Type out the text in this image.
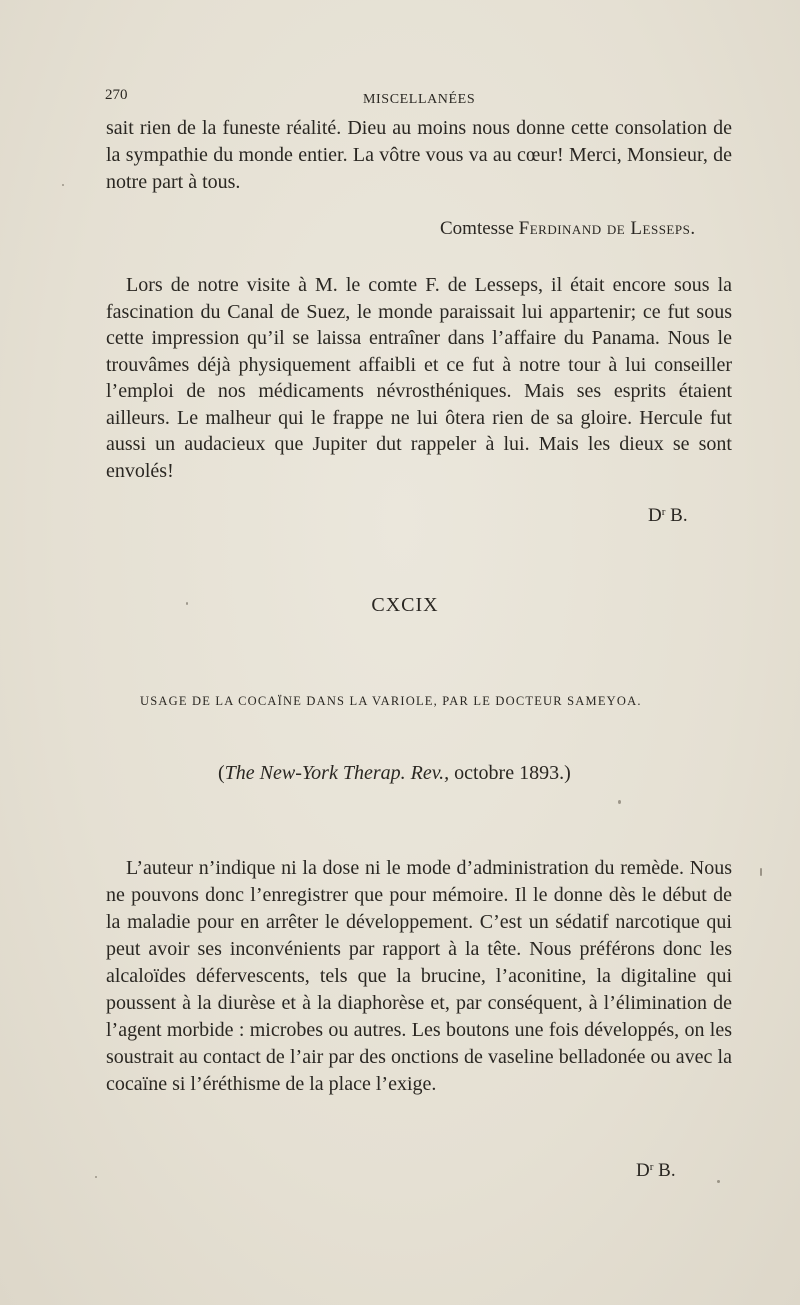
270	MISCELLANÉES

sait rien de la funeste réalité. Dieu au moins nous donne cette consolation de la sympathie du monde entier. La vôtre vous va au cœur! Merci, Monsieur, de notre part à tous.

Comtesse Ferdinand de Lesseps.

Lors de notre visite à M. le comte F. de Lesseps, il était encore sous la fascination du Canal de Suez, le monde paraissait lui appartenir; ce fut sous cette impression qu’il se laissa entraîner dans l’affaire du Panama. Nous le trouvâmes déjà physiquement affaibli et ce fut à notre tour à lui conseiller l’emploi de nos médicaments névrosthéniques. Mais ses esprits étaient ailleurs. Le malheur qui le frappe ne lui ôtera rien de sa gloire. Hercule fut aussi un audacieux que Jupiter dut rappeler à lui. Mais les dieux se sont envolés!

$D^r$ B.
CXCIX
USAGE DE LA COCAÏNE DANS LA VARIOLE, PAR LE DOCTEUR SAMEYOA.
(The New-York Therap. Rev., octobre 1893.)

L’auteur n’indique ni la dose ni le mode d’administration du remède. Nous ne pouvons donc l’enregistrer que pour mémoire. Il le donne dès le début de la maladie pour en arrêter le développement. C’est un sédatif narcotique qui peut avoir ses inconvénients par rapport à la tête. Nous préférons donc les alcaloïdes défervescents, tels que la brucine, l’aconitine, la digitaline qui poussent à la diurèse et à la diaphorèse et, par conséquent, à l’élimination de l’agent morbide : microbes ou autres. Les boutons une fois développés, on les soustrait au contact de l’air par des onctions de vaseline belladonée ou avec la cocaïne si l’éréthisme de la place l’exige.

$D^r$ B.
